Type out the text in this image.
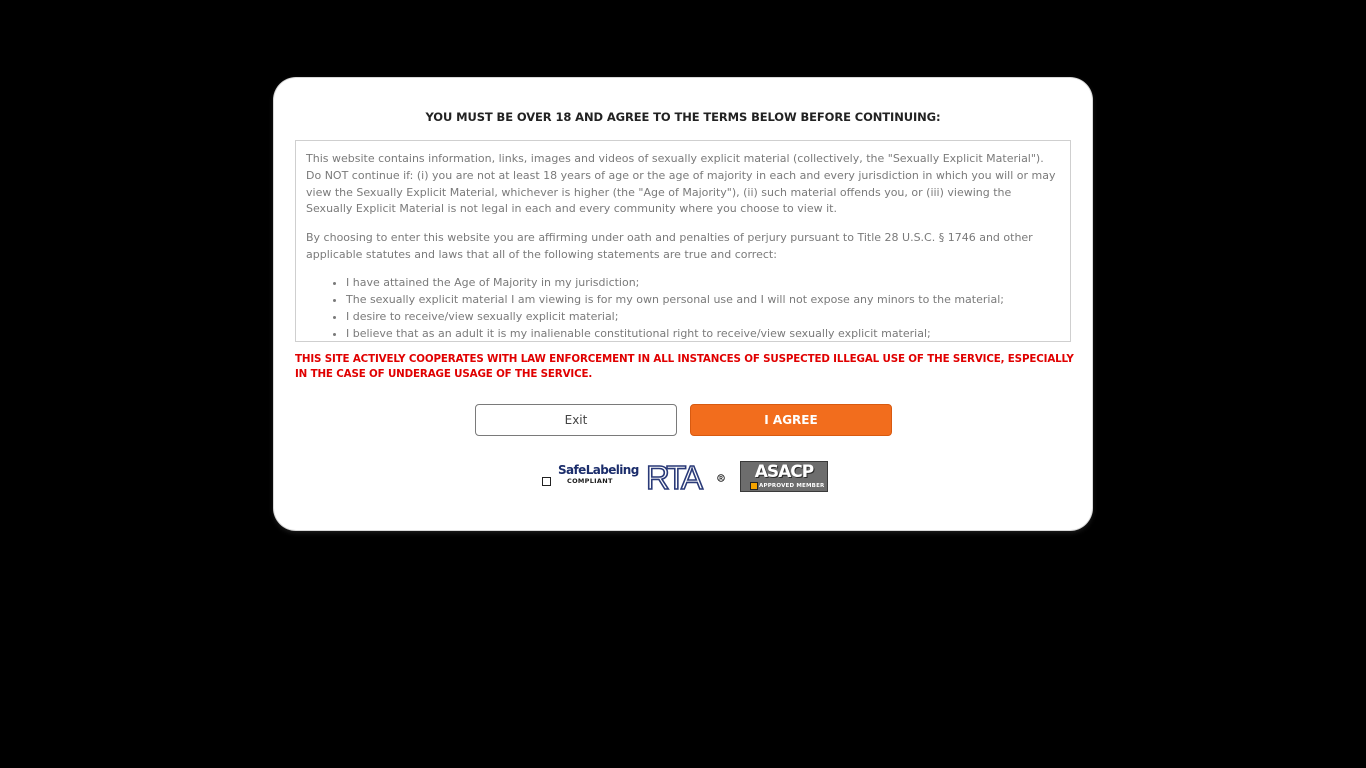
YOU MUST BE OVER 18 AND AGREE TO THE TERMS BELOW BEFORE CONTINUING:

This website contains information, links, images and videos of sexually explicit material (collectively, the "Sexually Explicit Material"). Do NOT continue if: (i) you are not at least 18 years of age or the age of majority in each and every jurisdiction in which you will or may view the Sexually Explicit Material, whichever is higher (the "Age of Majority"), (ii) such material offends you, or (iii) viewing the Sexually Explicit Material is not legal in each and every community where you choose to view it.

By choosing to enter this website you are affirming under oath and penalties of perjury pursuant to Title 28 U.S.C. § 1746 and other applicable statutes and laws that all of the following statements are true and correct:

• I have attained the Age of Majority in my jurisdiction;
• The sexually explicit material I am viewing is for my own personal use and I will not expose any minors to the material;
• I desire to receive/view sexually explicit material;
• I believe that as an adult it is my inalienable constitutional right to receive/view sexually explicit material;
THIS SITE ACTIVELY COOPERATES WITH LAW ENFORCEMENT IN ALL INSTANCES OF SUSPECTED ILLEGAL USE OF THE SERVICE, ESPECIALLY IN THE CASE OF UNDERAGE USAGE OF THE SERVICE.
Exit	I AGREE
SafeLabeling
COMPLIANT RTA	R	ASACP
APPROVED MEMBER
